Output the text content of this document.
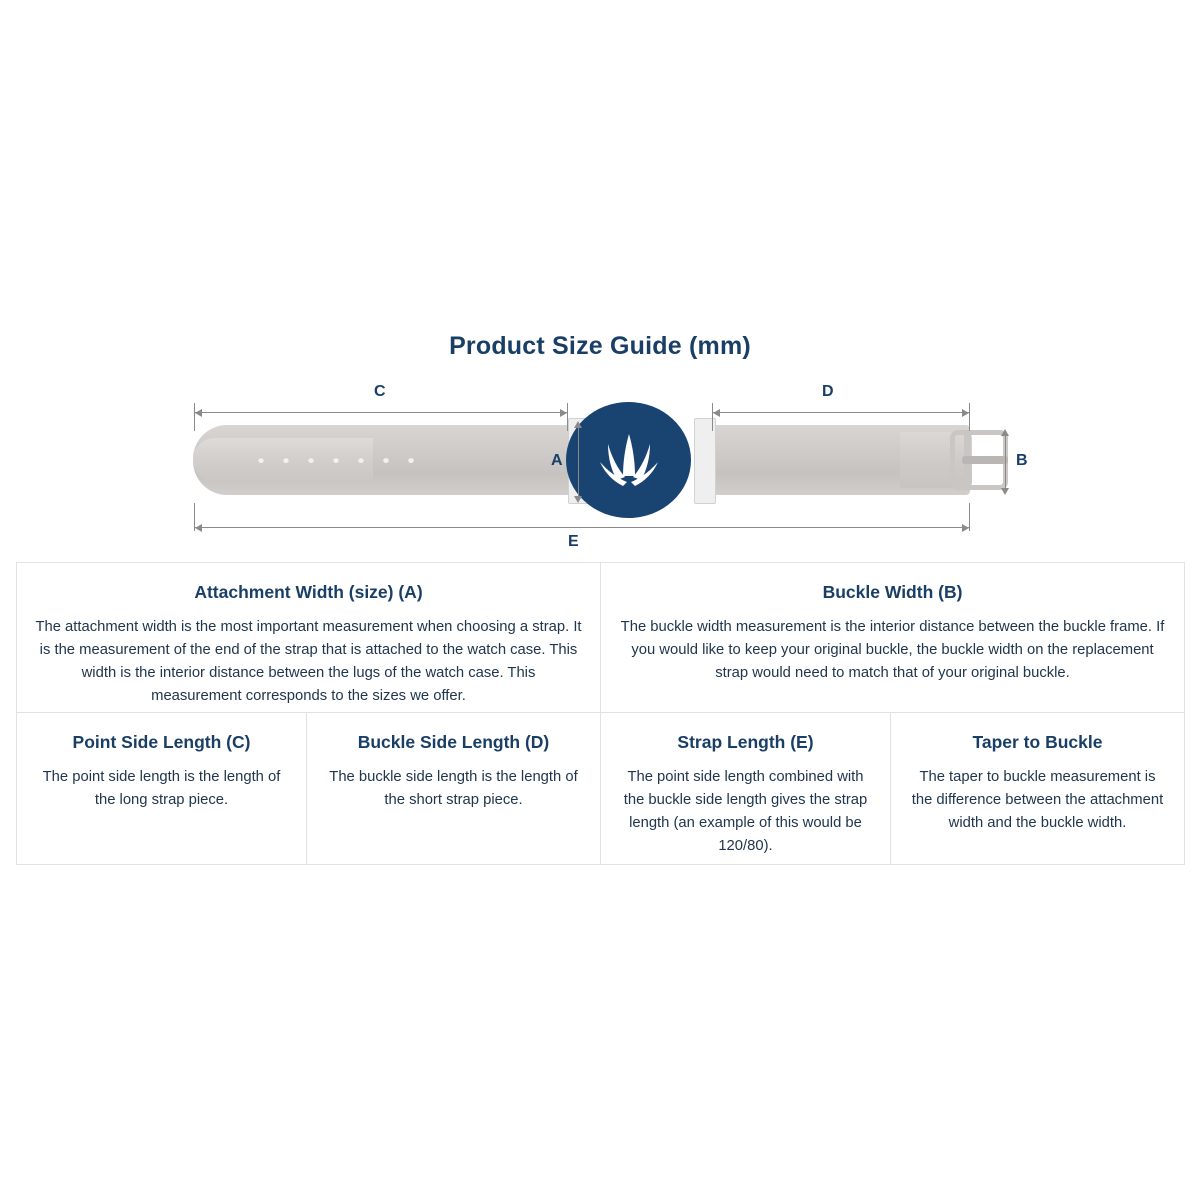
Product Size Guide (mm)
C	D
A	B
E
Attachment Width (size) (A)

The attachment width is the most important measurement when choosing a strap. It is the measurement of the end of the strap that is attached to the watch case. This width is the interior distance between the lugs of the watch case. This measurement corresponds to the sizes we offer.

Buckle Width (B)

The buckle width measurement is the interior distance between the buckle frame. If you would like to keep your original buckle, the buckle width on the replacement strap would need to match that of your original buckle.

Point Side Length (C)

The point side length is the length of the long strap piece.

Buckle Side Length (D)

The buckle side length is the length of the short strap piece.

Strap Length (E)

The point side length combined with the buckle side length gives the strap length (an example of this would be 120/80).

Taper to Buckle

The taper to buckle measurement is the difference between the attachment width and the buckle width.
